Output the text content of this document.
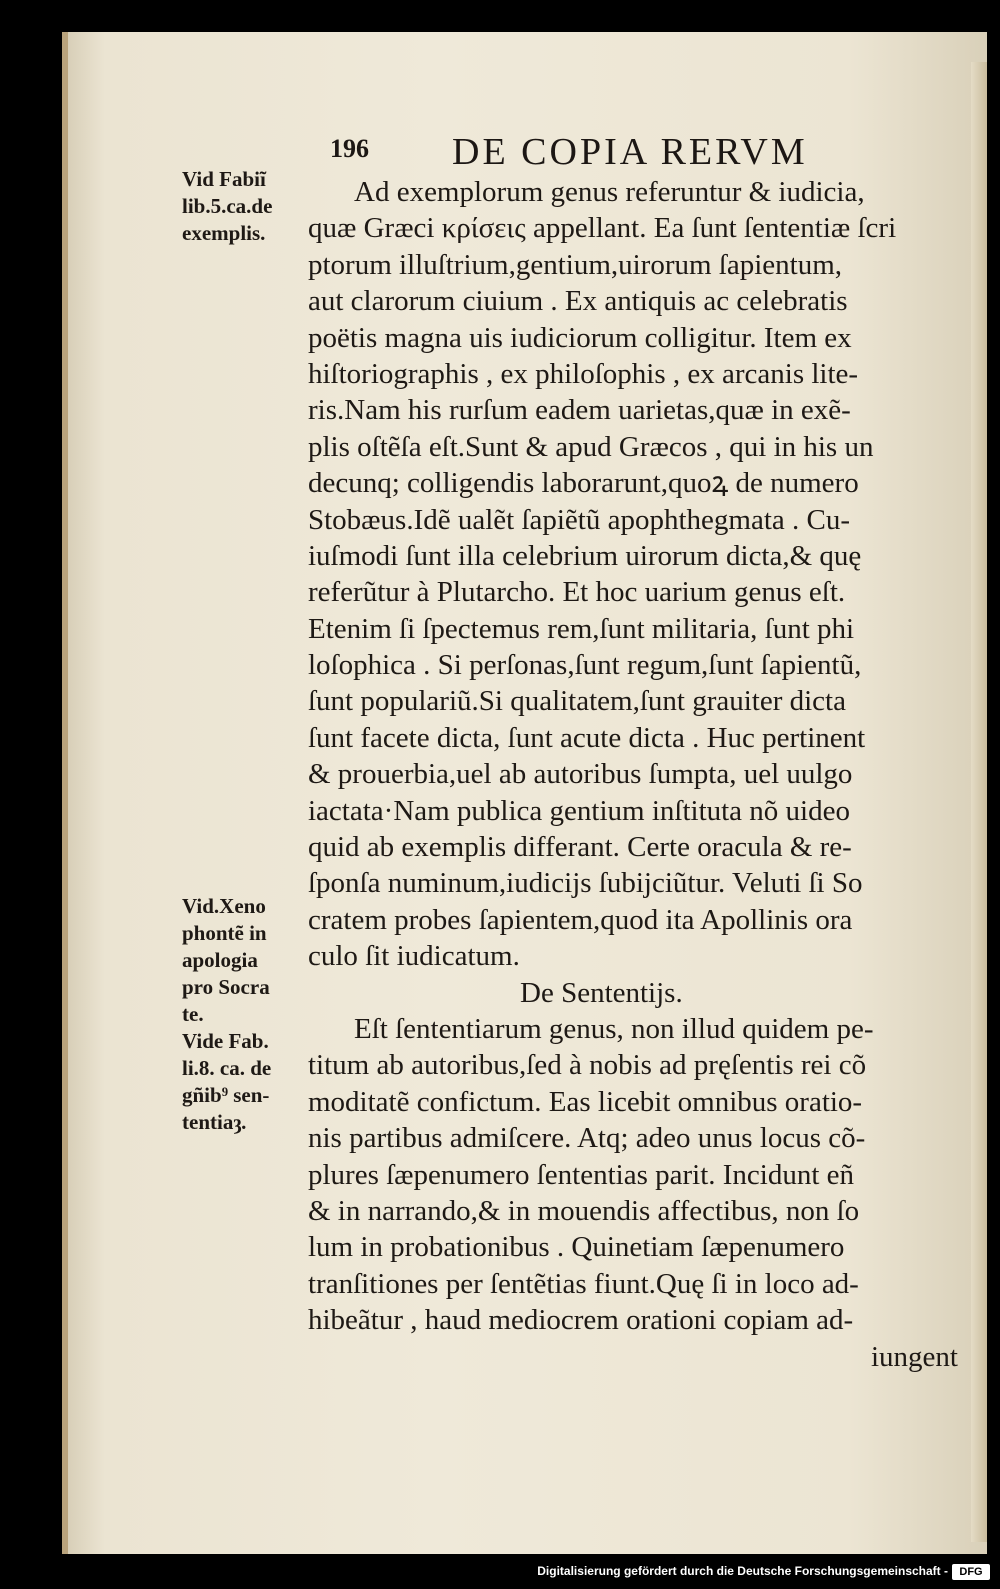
196 DE COPIA RERVM
Vid Fabiĩ
lib.5.ca.de
exemplis.
Vid.Xeno
phontẽ in
apologia
pro Socra
te.
Vide Fab.
li.8. ca. de
gñib⁹ sen-
tentiaȝ.
Ad exemplorum genus referuntur & iudicia,
quæ Græci κρίσεις appellant. Ea ſunt ſententiæ ſcri
ptorum illuſtrium,gentium,uirorum ſapientum,
aut clarorum ciuium . Ex antiquis ac celebratis
poëtis magna uis iudiciorum colligitur. Item ex
hiſtoriographis , ex philoſophis , ex arcanis lite-
ris.Nam his rurſum eadem uarietas,quæ in exẽ-
plis oſtẽſa eſt.Sunt & apud Græcos , qui in his un
decunq; colligendis laborarunt,quoꝝ de numero
Stobæus.Idẽ ualẽt ſapiẽtũ apophthegmata . Cu-
iuſmodi ſunt illa celebrium uirorum dicta,& quę
referũtur à Plutarcho. Et hoc uarium genus eſt.
Etenim ſi ſpectemus rem,ſunt militaria, ſunt phi
loſophica . Si perſonas,ſunt regum,ſunt ſapientũ,
ſunt populariũ.Si qualitatem,ſunt grauiter dicta
ſunt facete dicta, ſunt acute dicta . Huc pertinent
& prouerbia,uel ab autoribus ſumpta, uel uulgo
iactata·Nam publica gentium inſtituta nõ uideo
quid ab exemplis differant. Certe oracula & re-
ſponſa numinum,iudicijs ſubijciũtur. Veluti ſi So
cratem probes ſapientem,quod ita Apollinis ora
culo ſit iudicatum.
De Sententijs.
Eſt ſententiarum genus, non illud quidem pe-
titum ab autoribus,ſed à nobis ad pręſentis rei cõ
moditatẽ confictum. Eas licebit omnibus oratio-
nis partibus admiſcere. Atq; adeo unus locus cõ-
plures ſæpenumero ſententias parit. Incidunt eñ
& in narrando,& in mouendis affectibus, non ſo
lum in probationibus . Quinetiam ſæpenumero
tranſitiones per ſentẽtias fiunt.Quę ſi in loco ad-
hibeãtur , haud mediocrem orationi copiam ad-
iungent
Digitalisierung gefördert durch die Deutsche Forschungsgemeinschaft -	DFG
